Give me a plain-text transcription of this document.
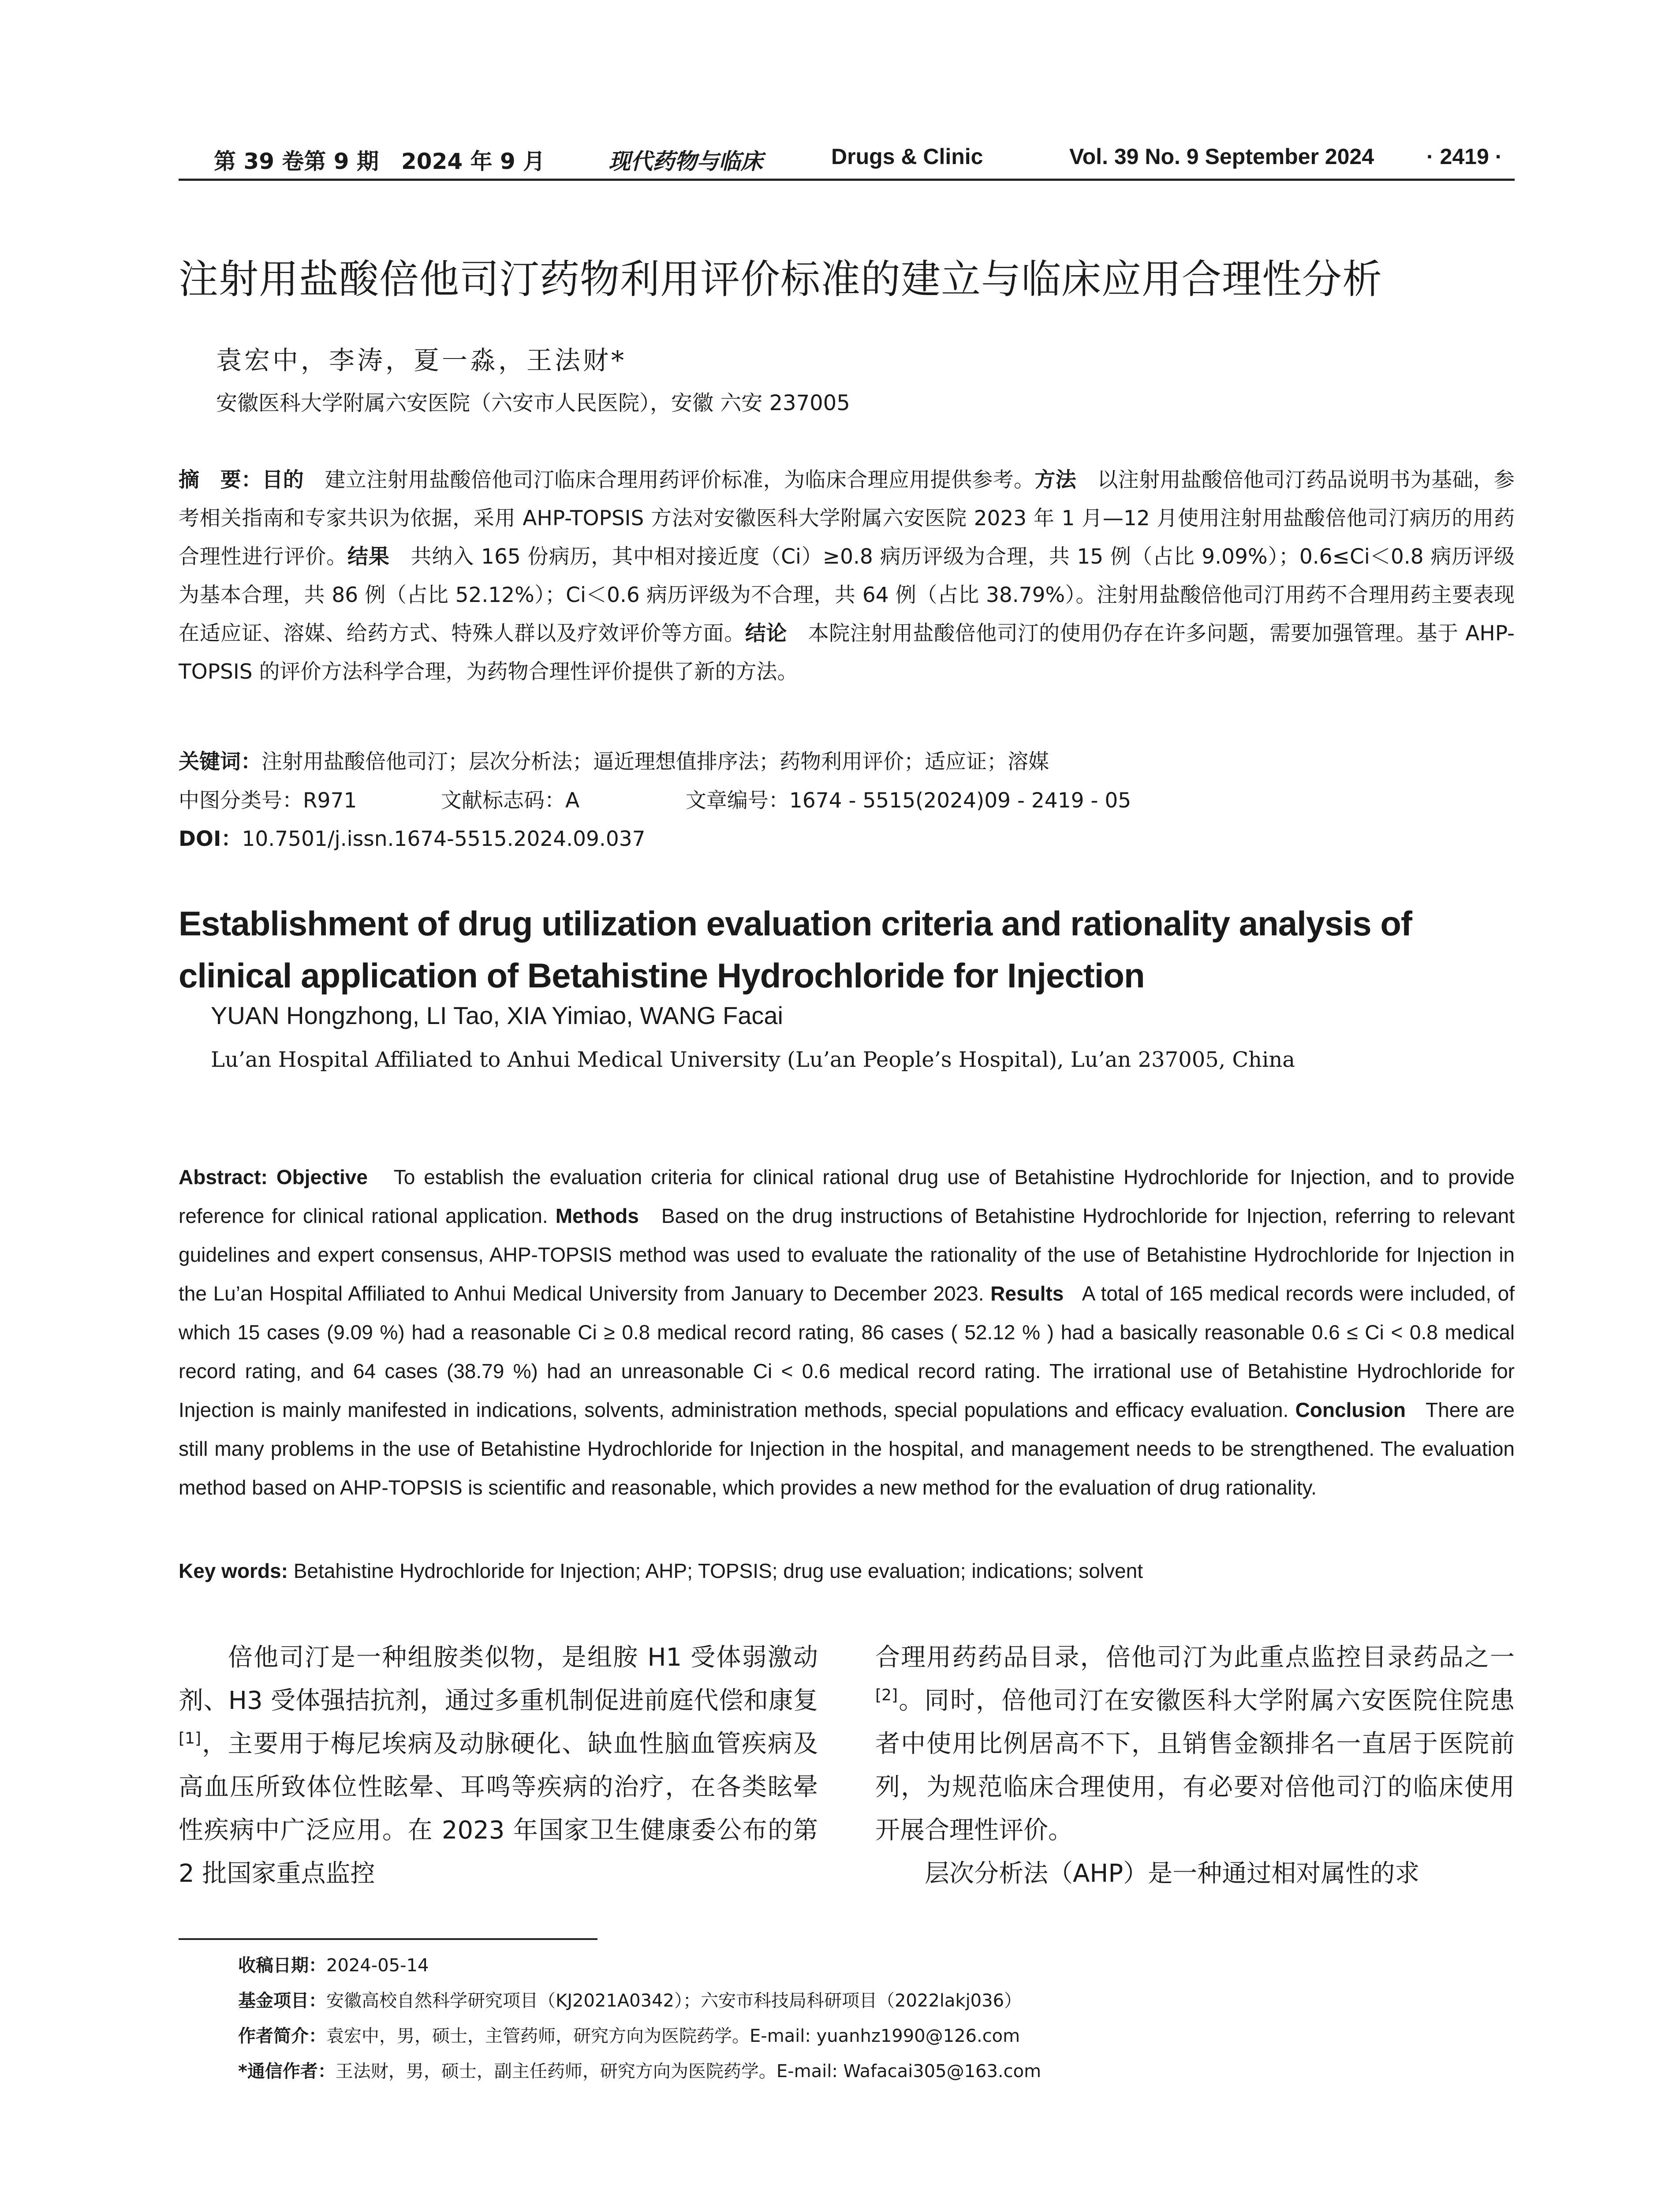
第 39 卷第 9 期 2024 年 9 月	现代药物与临床	Drugs & Clinic	Vol. 39 No. 9 September 2024 · 2419 ·
注射用盐酸倍他司汀药物利用评价标准的建立与临床应用合理性分析
袁宏中，李涛，夏一淼，王法财*
安徽医科大学附属六安医院（六安市人民医院），安徽 六安 237005
摘　要：目的　 建立注射用盐酸倍他司汀临床合理用药评价标准，为临床合理应用提供参考。方法　 以注射用盐酸倍他司汀药品说明书为基础，参考相关指南和专家共识为依据，采用 AHP-TOPSIS 方法对安徽医科大学附属六安医院 2023 年 1 月—12 月使用注射用盐酸倍他司汀病历的用药合理性进行评价。结果　 共纳入 165 份病历，其中相对接近度（Ci）≥0.8 病历评级为合理，共 15 例（占比 9.09%）；0.6≤Ci＜0.8 病历评级为基本合理，共 86 例（占比 52.12%）；Ci＜0.6 病历评级为不合理，共 64 例（占比 38.79%）。注射用盐酸倍他司汀用药不合理用药主要表现在适应证、溶媒、给药方式、特殊人群以及疗效评价等方面。结论　 本院注射用盐酸倍他司汀的使用仍存在许多问题，需要加强管理。基于 AHP-TOPSIS 的评价方法科学合理，为药物合理性评价提供了新的方法。
关键词：注射用盐酸倍他司汀；层次分析法；逼近理想值排序法；药物利用评价；适应证；溶媒
中图分类号：R971	文献标志码：A	文章编号：1674 - 5515(2024)09 - 2419 - 05
DOI：10.7501/j.issn.1674-5515.2024.09.037
Establishment of drug utilization evaluation criteria and rationality analysis of clinical application of Betahistine Hydrochloride for Injection
YUAN Hongzhong, LI Tao, XIA Yimiao, WANG Facai
Lu’an Hospital Affiliated to Anhui Medical University (Lu’an People’s Hospital), Lu’an 237005, China
Abstract: Objective To establish the evaluation criteria for clinical rational drug use of Betahistine Hydrochloride for Injection, and to provide reference for clinical rational application. Methods Based on the drug instructions of Betahistine Hydrochloride for Injection, referring to relevant guidelines and expert consensus, AHP-TOPSIS method was used to evaluate the rationality of the use of Betahistine Hydrochloride for Injection in the Lu’an Hospital Affiliated to Anhui Medical University from January to December 2023. Results A total of 165 medical records were included, of which 15 cases (9.09 %) had a reasonable Ci ≥ 0.8 medical record rating, 86 cases ( 52.12 % ) had a basically reasonable 0.6 ≤ Ci < 0.8 medical record rating, and 64 cases (38.79 %) had an unreasonable Ci < 0.6 medical record rating. The irrational use of Betahistine Hydrochloride for Injection is mainly manifested in indications, solvents, administration methods, special populations and efficacy evaluation. Conclusion There are still many problems in the use of Betahistine Hydrochloride for Injection in the hospital, and management needs to be strengthened. The evaluation method based on AHP-TOPSIS is scientific and reasonable, which provides a new method for the evaluation of drug rationality.
Key words: Betahistine Hydrochloride for Injection; AHP; TOPSIS; drug use evaluation; indications; solvent

倍他司汀是一种组胺类似物，是组胺 H1 受体弱激动剂、H3 受体强拮抗剂，通过多重机制促进前庭代偿和康复[1]，主要用于梅尼埃病及动脉硬化、缺血性脑血管疾病及高血压所致体位性眩晕、耳鸣等疾病的治疗，在各类眩晕性疾病中广泛应用。在 2023 年国家卫生健康委公布的第 2 批国家重点监控

合理用药药品目录，倍他司汀为此重点监控目录药品之一[2]。同时，倍他司汀在安徽医科大学附属六安医院住院患者中使用比例居高不下，且销售金额排名一直居于医院前列，为规范临床合理使用，有必要对倍他司汀的临床使用开展合理性评价。

层次分析法（AHP）是一种通过相对属性的求

收稿日期：2024-05-14
基金项目：安徽高校自然科学研究项目（KJ2021A0342）；六安市科技局科研项目（2022lakj036）
作者简介：袁宏中，男，硕士，主管药师，研究方向为医院药学。E-mail: yuanhz1990@126.com
*通信作者：王法财，男，硕士，副主任药师，研究方向为医院药学。E-mail: Wafacai305@163.com
